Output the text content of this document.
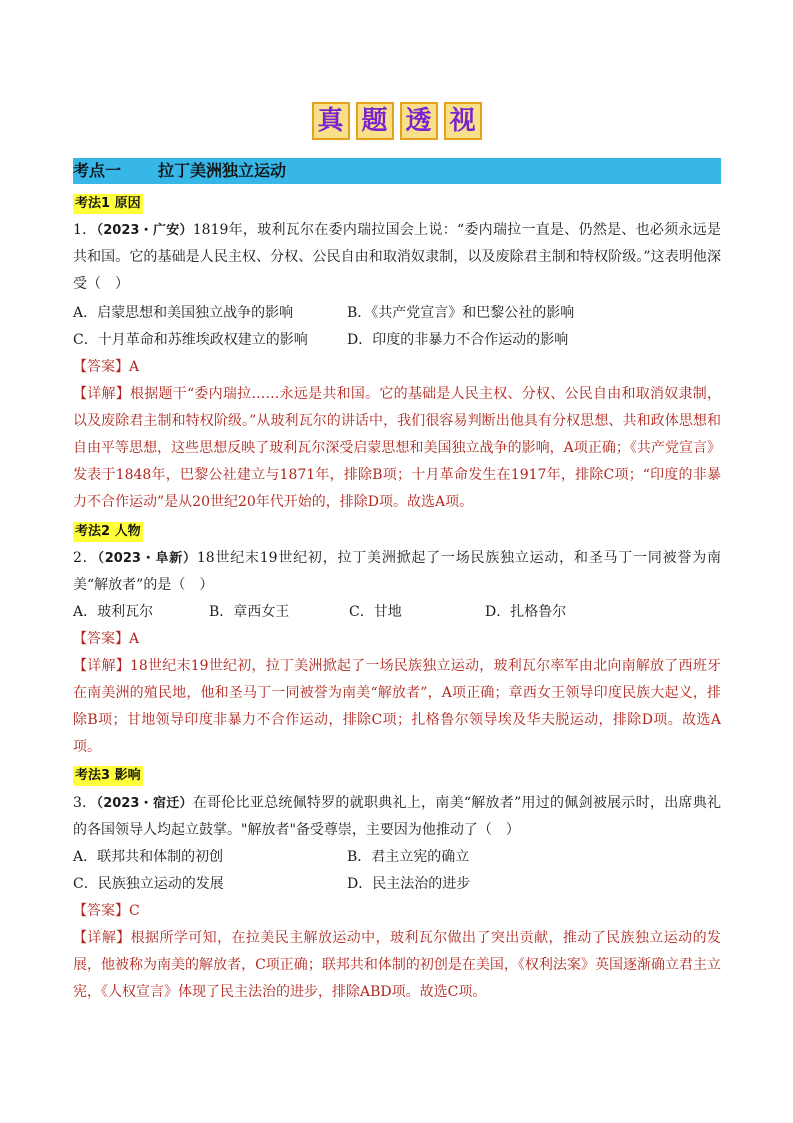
真 题 透 视
考点一 拉丁美洲独立运动
考法1 原因
1．（2023・广安）1819年，玻利瓦尔在委内瑞拉国会上说：“委内瑞拉一直是、仍然是、也必须永远是共和国。它的基础是人民主权、分权、公民自由和取消奴隶制，以及废除君主制和特权阶级。”这表明他深受（　）
A．启蒙思想和美国独立战争的影响	B．《共产党宣言》和巴黎公社的影响
C．十月革命和苏维埃政权建立的影响	D．印度的非暴力不合作运动的影响
【答案】A
【详解】根据题干“委内瑞拉……永远是共和国。它的基础是人民主权、分权、公民自由和取消奴隶制，以及废除君主制和特权阶级。”从玻利瓦尔的讲话中，我们很容易判断出他具有分权思想、共和政体思想和自由平等思想，这些思想反映了玻利瓦尔深受启蒙思想和美国独立战争的影响，A项正确；《共产党宣言》发表于1848年，巴黎公社建立与1871年，排除B项；十月革命发生在1917年，排除C项；“印度的非暴力不合作运动”是从20世纪20年代开始的，排除D项。故选A项。
考法2 人物
2．（2023・阜新）18世纪末19世纪初，拉丁美洲掀起了一场民族独立运动，和圣马丁一同被誉为南美“解放者”的是（　）
A．玻利瓦尔	B．章西女王	C．甘地	D．扎格鲁尔
【答案】A
【详解】18世纪末19世纪初，拉丁美洲掀起了一场民族独立运动，玻利瓦尔率军由北向南解放了西班牙在南美洲的殖民地，他和圣马丁一同被誉为南美“解放者”，A项正确；章西女王领导印度民族大起义，排除B项；甘地领导印度非暴力不合作运动，排除C项；扎格鲁尔领导埃及华夫脱运动，排除D项。故选A项。
考法3 影响
3．（2023・宿迁）在哥伦比亚总统佩特罗的就职典礼上，南美“解放者”用过的佩剑被展示时，出席典礼的各国领导人均起立鼓掌。"解放者"备受尊崇，主要因为他推动了（　）
A．联邦共和体制的初创	B．君主立宪的确立
C．民族独立运动的发展	D．民主法治的进步
【答案】C
【详解】根据所学可知，在拉美民主解放运动中，玻利瓦尔做出了突出贡献，推动了民族独立运动的发展，他被称为南美的解放者，C项正确；联邦共和体制的初创是在美国，《权利法案》英国逐渐确立君主立宪，《人权宣言》体现了民主法治的进步，排除ABD项。故选C项。
